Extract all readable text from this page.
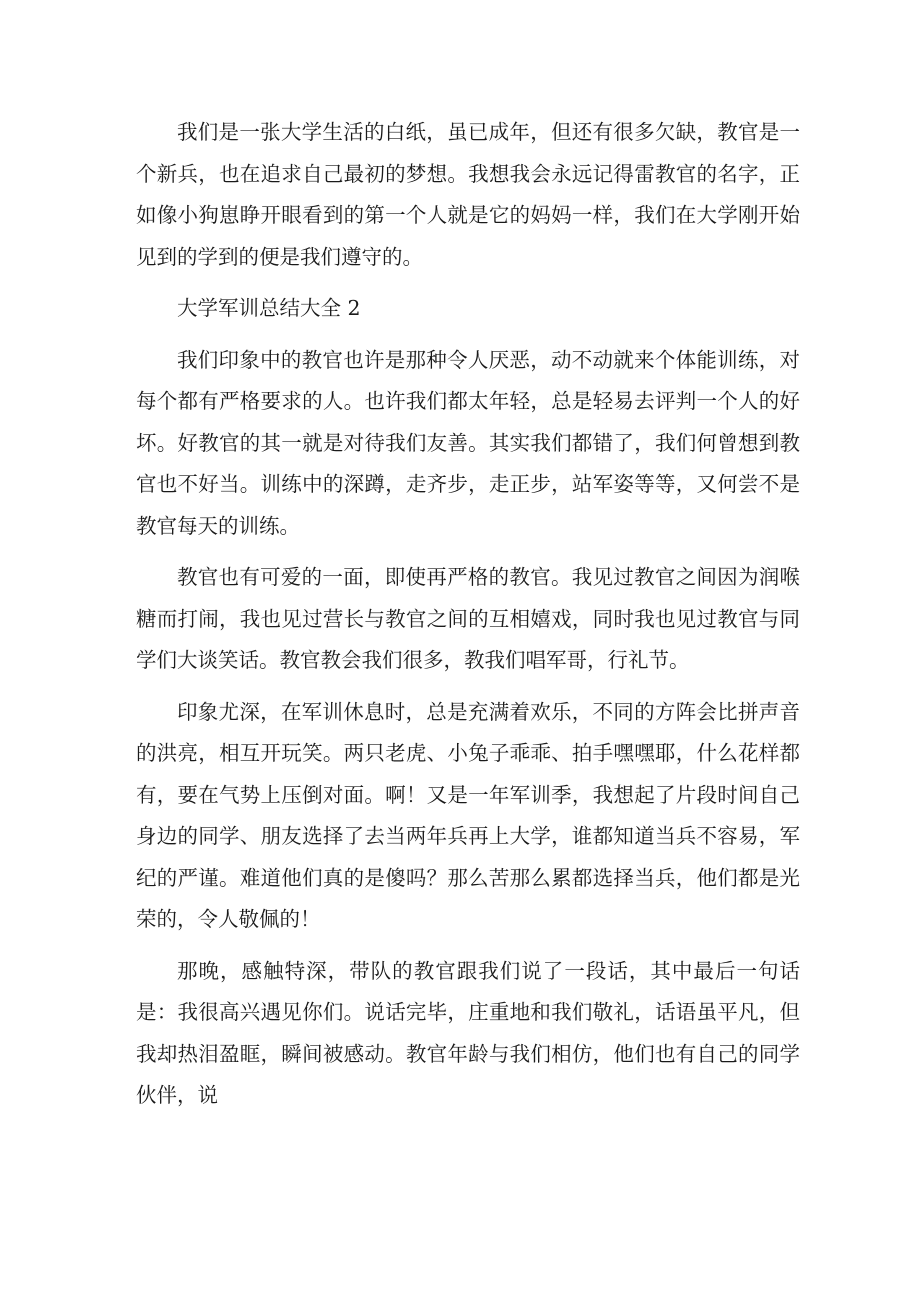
我们是一张大学生活的白纸，虽已成年，但还有很多欠缺，教官是一个新兵，也在追求自己最初的梦想。我想我会永远记得雷教官的名字，正如像小狗崽睁开眼看到的第一个人就是它的妈妈一样，我们在大学刚开始见到的学到的便是我们遵守的。

大学军训总结大全 2

我们印象中的教官也许是那种令人厌恶，动不动就来个体能训练，对每个都有严格要求的人。也许我们都太年轻，总是轻易去评判一个人的好坏。好教官的其一就是对待我们友善。其实我们都错了，我们何曾想到教官也不好当。训练中的深蹲，走齐步，走正步，站军姿等等，又何尝不是教官每天的训练。

教官也有可爱的一面，即使再严格的教官。我见过教官之间因为润喉糖而打闹，我也见过营长与教官之间的互相嬉戏，同时我也见过教官与同学们大谈笑话。教官教会我们很多，教我们唱军哥，行礼节。

印象尤深，在军训休息时，总是充满着欢乐，不同的方阵会比拼声音的洪亮，相互开玩笑。两只老虎、小兔子乖乖、拍手嘿嘿耶，什么花样都有，要在气势上压倒对面。啊！又是一年军训季，我想起了片段时间自己身边的同学、朋友选择了去当两年兵再上大学，谁都知道当兵不容易，军纪的严谨。难道他们真的是傻吗？那么苦那么累都选择当兵，他们都是光荣的，令人敬佩的！

那晚，感触特深，带队的教官跟我们说了一段话，其中最后一句话是：我很高兴遇见你们。说话完毕，庄重地和我们敬礼，话语虽平凡，但我却热泪盈眶，瞬间被感动。教官年龄与我们相仿，他们也有自己的同学伙伴，说
